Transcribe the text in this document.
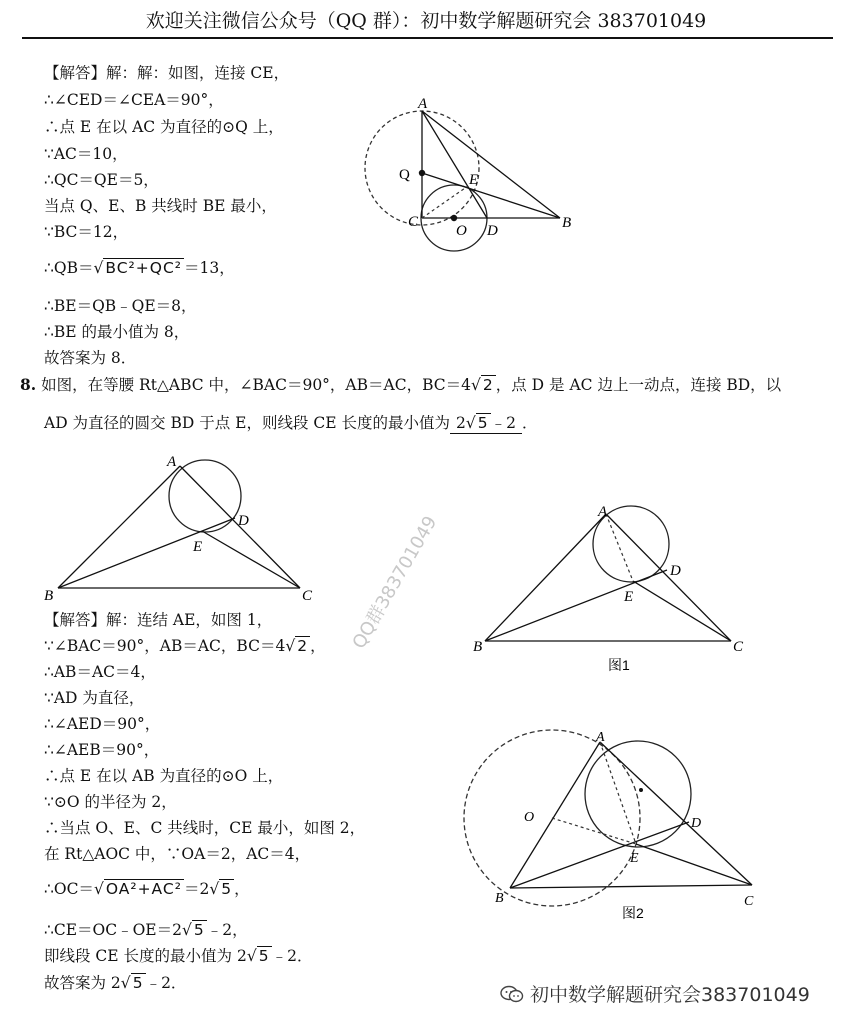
欢迎关注微信公众号（QQ 群）：初中数学解题研究会 383701049
【解答】解：解：如图，连接 CE，
∴∠CED＝∠CEA＝90°，
∴点 E 在以 AC 为直径的⊙Q 上，
∵AC＝10，
∴QC＝QE＝5，
当点 Q、E、B 共线时 BE 最小，
∵BC＝12，
∴QB＝√ BC²+QC² ＝13，
∴BE＝QB﹣QE＝8，
∴BE 的最小值为 8，
故答案为 8．
A
Q	E
C
O D	B
8. 如图，在等腰 Rt△ABC 中，∠BAC＝90°，AB＝AC，BC＝4√ 2 ，点 D 是 AC 边上一动点，连接 BD，以
AD 为直径的圆交 BD 于点 E，则线段 CE 长度的最小值为 2√ 5 ﹣2 ．
A
D
E
B	C
A
D
E
B	C
图1
A
O	D
E
B	C
图2
【解答】解：连结 AE，如图 1，
∵∠BAC＝90°，AB＝AC，BC＝4√ 2 ，
∴AB＝AC＝4，
∵AD 为直径，
∴∠AED＝90°，
∴∠AEB＝90°，
∴点 E 在以 AB 为直径的⊙O 上，
∵⊙O 的半径为 2，
∴当点 O、E、C 共线时，CE 最小，如图 2，
在 Rt△AOC 中，∵OA＝2，AC＝4，
∴OC＝√ OA²+AC² ＝2√ 5 ，
∴CE＝OC﹣OE＝2√ 5 ﹣2，
即线段 CE 长度的最小值为 2√ 5 ﹣2．
故答案为 2√ 5 ﹣2．
QQ群383701049
初中数学解题研究会383701049
